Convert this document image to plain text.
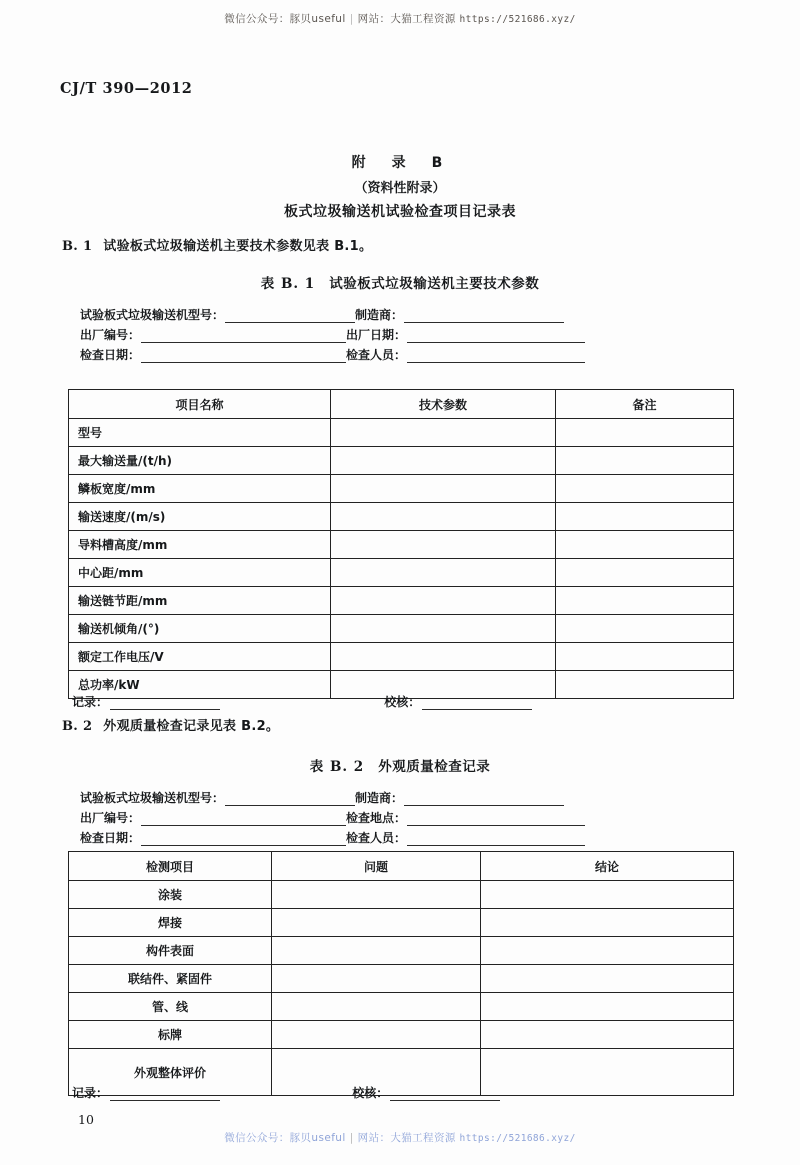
微信公众号：豚贝useful | 网站：大猫工程资源 https://521686.xyz/
CJ/T 390—2012
附　录　B
（资料性附录）
板式垃圾输送机试验检查项目记录表
B. 1 试验板式垃圾输送机主要技术参数见表 B.1。
表 B. 1 试验板式垃圾输送机主要技术参数
试验板式垃圾输送机型号：	制造商：
出厂编号：	出厂日期：
检查日期：	检查人员：
项目名称	技术参数	备注
型号		
最大输送量/(t/h)		
鳞板宽度/mm		
输送速度/(m/s)		
导料槽高度/mm		
中心距/mm		
输送链节距/mm		
输送机倾角/(°)		
额定工作电压/V		
总功率/kW		
记录：
	校核：
B. 2 外观质量检查记录见表 B.2。
表 B. 2 外观质量检查记录
试验板式垃圾输送机型号：	制造商：
出厂编号：	检查地点：
检查日期：	检查人员：
检测项目	问题	结论
涂装		
焊接		
构件表面		
联结件、紧固件		
管、线		
标牌		
外观整体评价		
记录：
	校核：
10
微信公众号：豚贝useful | 网站：大猫工程资源 https://521686.xyz/
